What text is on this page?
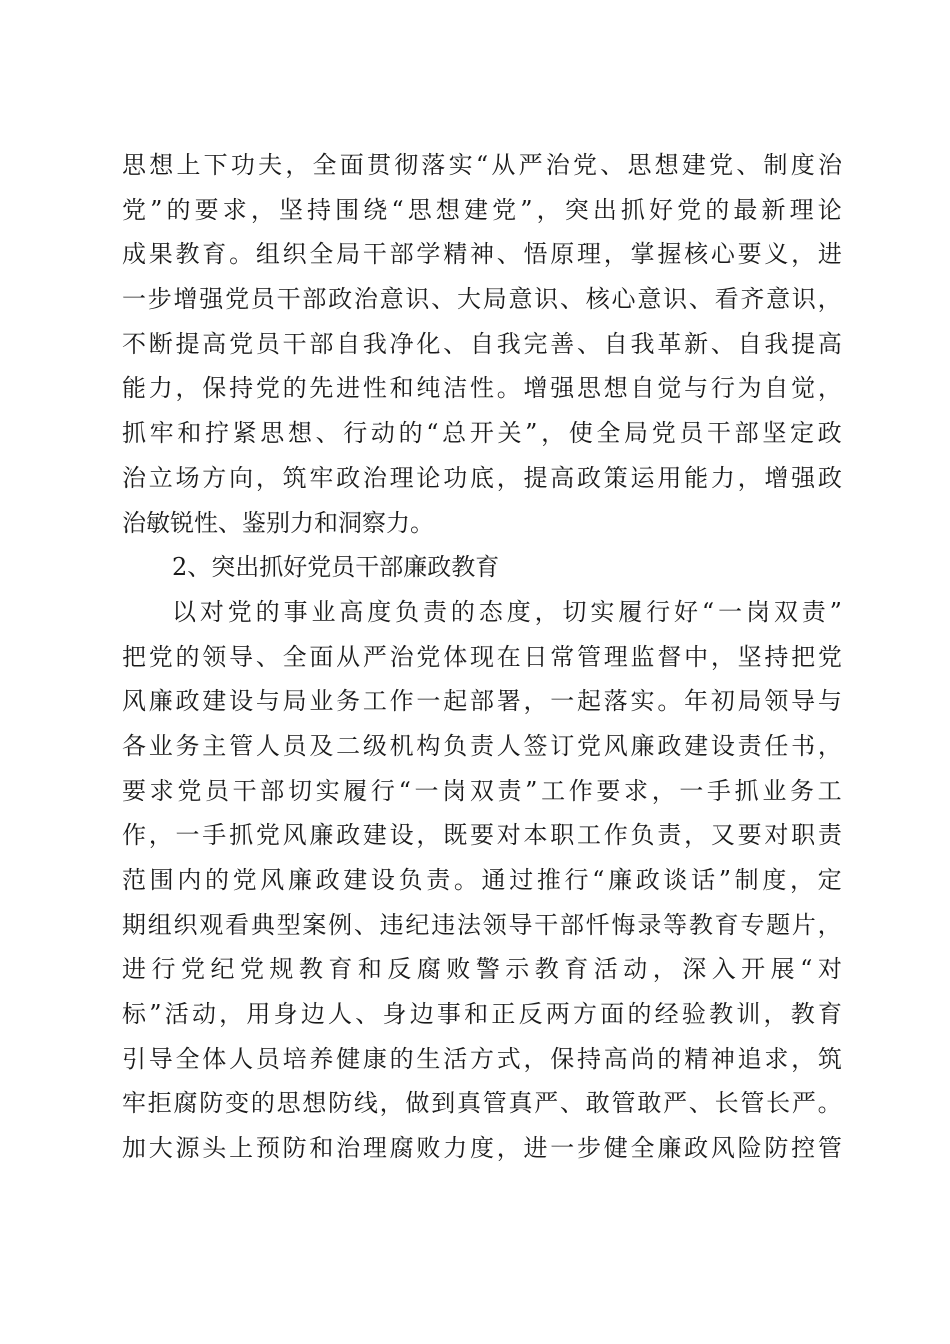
思 想 上 下 功 夫 ， 全 面 贯 彻 落 实 “ 从 严 治 党 、 思 想 建 党 、 制 度 治
党 ” 的 要 求 ， 坚 持 围 绕 “ 思 想 建 党 ” ， 突 出 抓 好 党 的 最 新 理 论
成 果 教 育 。 组 织 全 局 干 部 学 精 神 、 悟 原 理 ， 掌 握 核 心 要 义 ， 进
一 步 增 强 党 员 干 部 政 治 意 识 、 大 局 意 识 、 核 心 意 识 、 看 齐 意 识 ，
不 断 提 高 党 员 干 部 自 我 净 化 、 自 我 完 善 、 自 我 革 新 、 自 我 提 高
能 力 ， 保 持 党 的 先 进 性 和 纯 洁 性 。 增 强 思 想 自 觉 与 行 为 自 觉 ，
抓 牢 和 拧 紧 思 想 、 行 动 的 “ 总 开 关 ” ， 使 全 局 党 员 干 部 坚 定 政
治 立 场 方 向 ， 筑 牢 政 治 理 论 功 底 ， 提 高 政 策 运 用 能 力 ， 增 强 政
治敏锐性、鉴别力和洞察力。
2、突出抓好党员干部廉政教育
以 对 党 的 事 业 高 度 负 责 的 态 度 ， 切 实 履 行 好 “ 一 岗 双 责 ”
把 党 的 领 导 、 全 面 从 严 治 党 体 现 在 日 常 管 理 监 督 中 ， 坚 持 把 党
风 廉 政 建 设 与 局 业 务 工 作 一 起 部 署 ， 一 起 落 实 。 年 初 局 领 导 与
各 业 务 主 管 人 员 及 二 级 机 构 负 责 人 签 订 党 风 廉 政 建 设 责 任 书 ，
要 求 党 员 干 部 切 实 履 行 “ 一 岗 双 责 ” 工 作 要 求 ， 一 手 抓 业 务 工
作 ， 一 手 抓 党 风 廉 政 建 设 ， 既 要 对 本 职 工 作 负 责 ， 又 要 对 职 责
范 围 内 的 党 风 廉 政 建 设 负 责 。 通 过 推 行 “ 廉 政 谈 话 ” 制 度 ， 定
期 组 织 观 看 典 型 案 例 、 违 纪 违 法 领 导 干 部 忏 悔 录 等 教 育 专 题 片 ，
进 行 党 纪 党 规 教 育 和 反 腐 败 警 示 教 育 活 动 ， 深 入 开 展 “ 对
标 ” 活 动 ， 用 身 边 人 、 身 边 事 和 正 反 两 方 面 的 经 验 教 训 ， 教 育
引 导 全 体 人 员 培 养 健 康 的 生 活 方 式 ， 保 持 高 尚 的 精 神 追 求 ， 筑
牢 拒 腐 防 变 的 思 想 防 线 ， 做 到 真 管 真 严 、 敢 管 敢 严 、 长 管 长 严 。
加 大 源 头 上 预 防 和 治 理 腐 败 力 度 ， 进 一 步 健 全 廉 政 风 险 防 控 管
